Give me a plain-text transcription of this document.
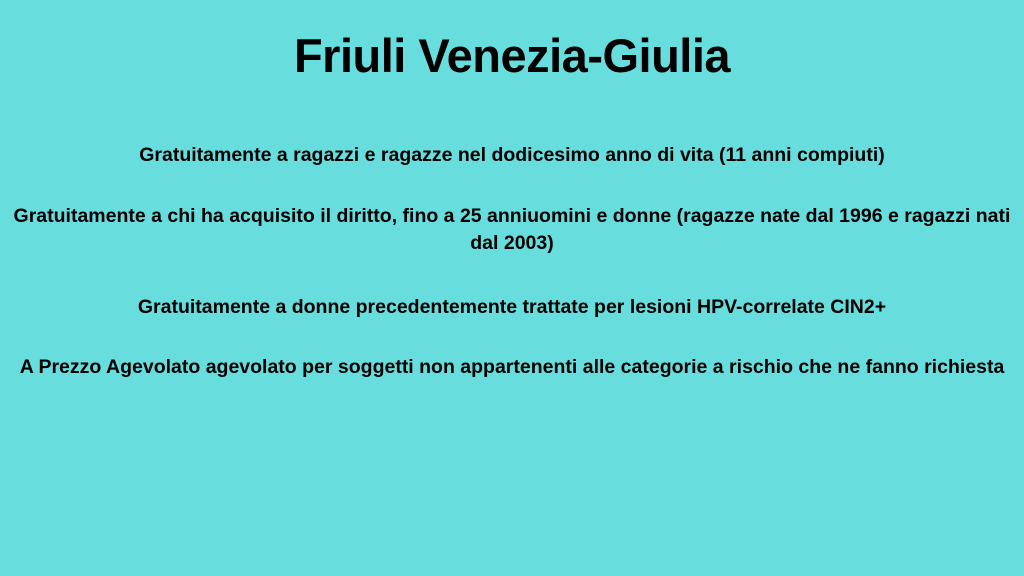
Friuli Venezia-Giulia

Gratuitamente a ragazzi e ragazze nel dodicesimo anno di vita (11 anni compiuti)

Gratuitamente a chi ha acquisito il diritto, fino a 25 anniuomini e donne (ragazze nate dal 1996 e ragazzi nati dal 2003)

Gratuitamente a donne precedentemente trattate per lesioni HPV-correlate CIN2+

A Prezzo Agevolato agevolato per soggetti non appartenenti alle categorie a rischio che ne fanno richiesta
